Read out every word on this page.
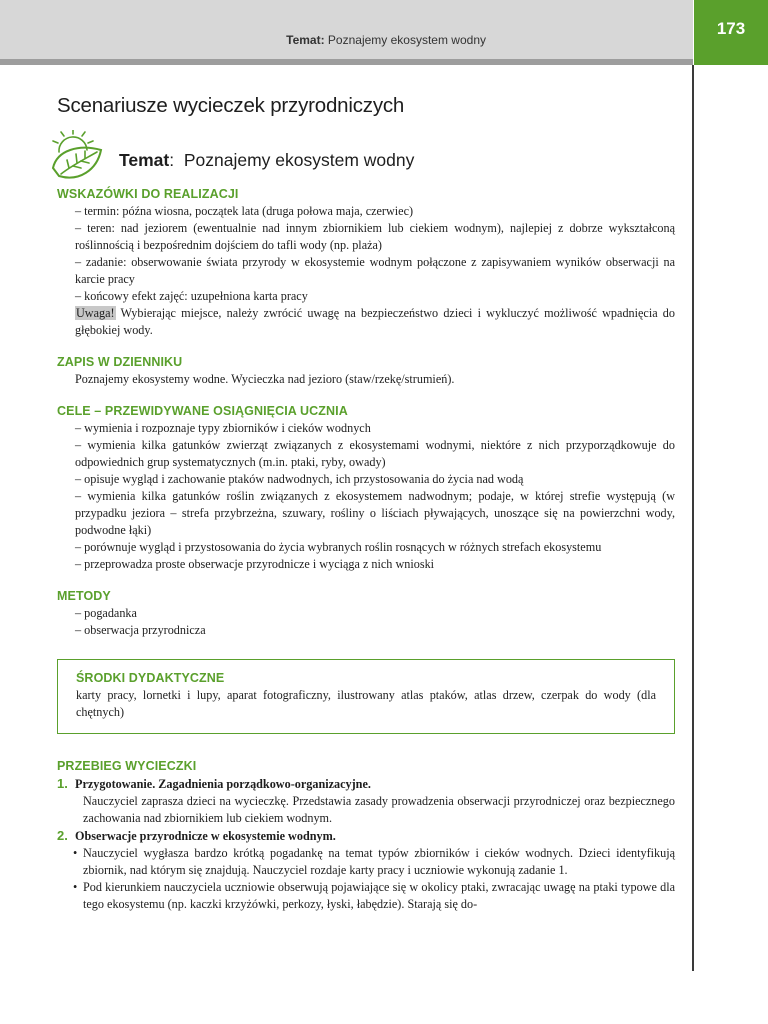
Temat: Poznajemy ekosystem wodny
173
Scenariusze wycieczek przyrodniczych
Temat: Poznajemy ekosystem wodny
WSKAZÓWKI DO REALIZACJI
– termin: późna wiosna, początek lata (druga połowa maja, czerwiec)
– teren: nad jeziorem (ewentualnie nad innym zbiornikiem lub ciekiem wodnym), najlepiej z dobrze wykształconą roślinnością i bezpośrednim dojściem do tafli wody (np. plaża)
– zadanie: obserwowanie świata przyrody w ekosystemie wodnym połączone z zapisywaniem wyników obserwacji na karcie pracy
– końcowy efekt zajęć: uzupełniona karta pracy
Uwaga! Wybierając miejsce, należy zwrócić uwagę na bezpieczeństwo dzieci i wykluczyć możliwość wpadnięcia do głębokiej wody.
ZAPIS W DZIENNIKU
Poznajemy ekosystemy wodne. Wycieczka nad jezioro (staw/rzekę/strumień).
CELE – PRZEWIDYWANE OSIĄGNIĘCIA UCZNIA
– wymienia i rozpoznaje typy zbiorników i cieków wodnych
– wymienia kilka gatunków zwierząt związanych z ekosystemami wodnymi, niektóre z nich przyporządkowuje do odpowiednich grup systematycznych (m.in. ptaki, ryby, owady)
– opisuje wygląd i zachowanie ptaków nadwodnych, ich przystosowania do życia nad wodą
– wymienia kilka gatunków roślin związanych z ekosystemem nadwodnym; podaje, w której strefie występują (w przypadku jeziora – strefa przybrzeżna, szuwary, rośliny o liściach pływających, unoszące się na powierzchni wody, podwodne łąki)
– porównuje wygląd i przystosowania do życia wybranych roślin rosnących w różnych strefach ekosystemu
– przeprowadza proste obserwacje przyrodnicze i wyciąga z nich wnioski
METODY
– pogadanka
– obserwacja przyrodnicza
ŚRODKI DYDAKTYCZNE

karty pracy, lornetki i lupy, aparat fotograficzny, ilustrowany atlas ptaków, atlas drzew, czerpak do wody (dla chętnych)

PRZEBIEG WYCIECZKI
1. Przygotowanie. Zagadnienia porządkowo-organizacyjne.

Nauczyciel zaprasza dzieci na wycieczkę. Przedstawia zasady prowadzenia obserwacji przyrodniczej oraz bezpiecznego zachowania nad zbiornikiem lub ciekiem wodnym.

2. Obserwacje przyrodnicze w ekosystemie wodnym.
• Nauczyciel wygłasza bardzo krótką pogadankę na temat typów zbiorników i cieków wodnych. Dzieci identyfikują zbiornik, nad którym się znajdują. Nauczyciel rozdaje karty pracy i uczniowie wykonują zadanie 1.
• Pod kierunkiem nauczyciela uczniowie obserwują pojawiające się w okolicy ptaki, zwracając uwagę na ptaki typowe dla tego ekosystemu (np. kaczki krzyżówki, perkozy, łyski, łabędzie). Starają się do-
